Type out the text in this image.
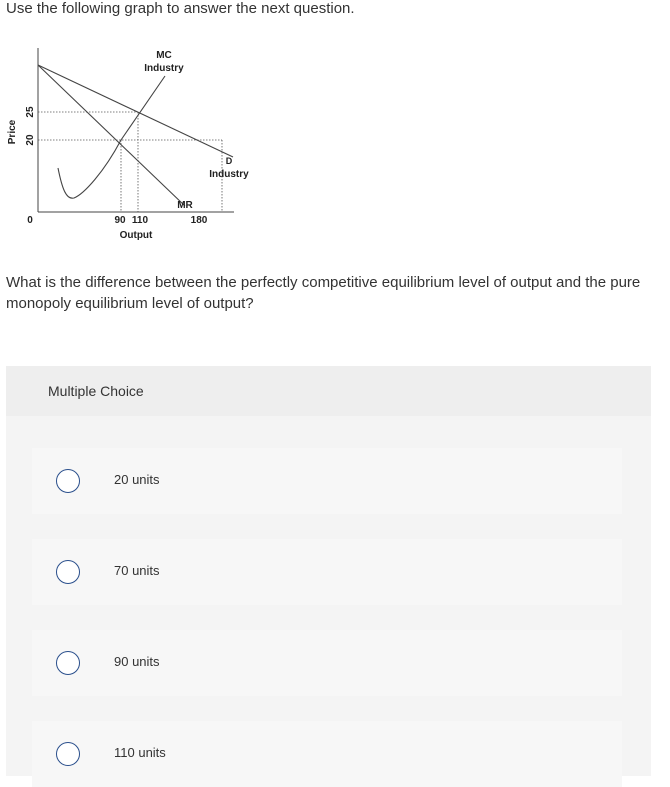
Use the following graph to answer the next question.
MC
Industry
D
Industry
MR
Price
25
20
0	90 110	180
Output
What is the difference between the perfectly competitive equilibrium level of output and the pure monopoly equilibrium level of output?
Multiple Choice
20 units
70 units
90 units
110 units
